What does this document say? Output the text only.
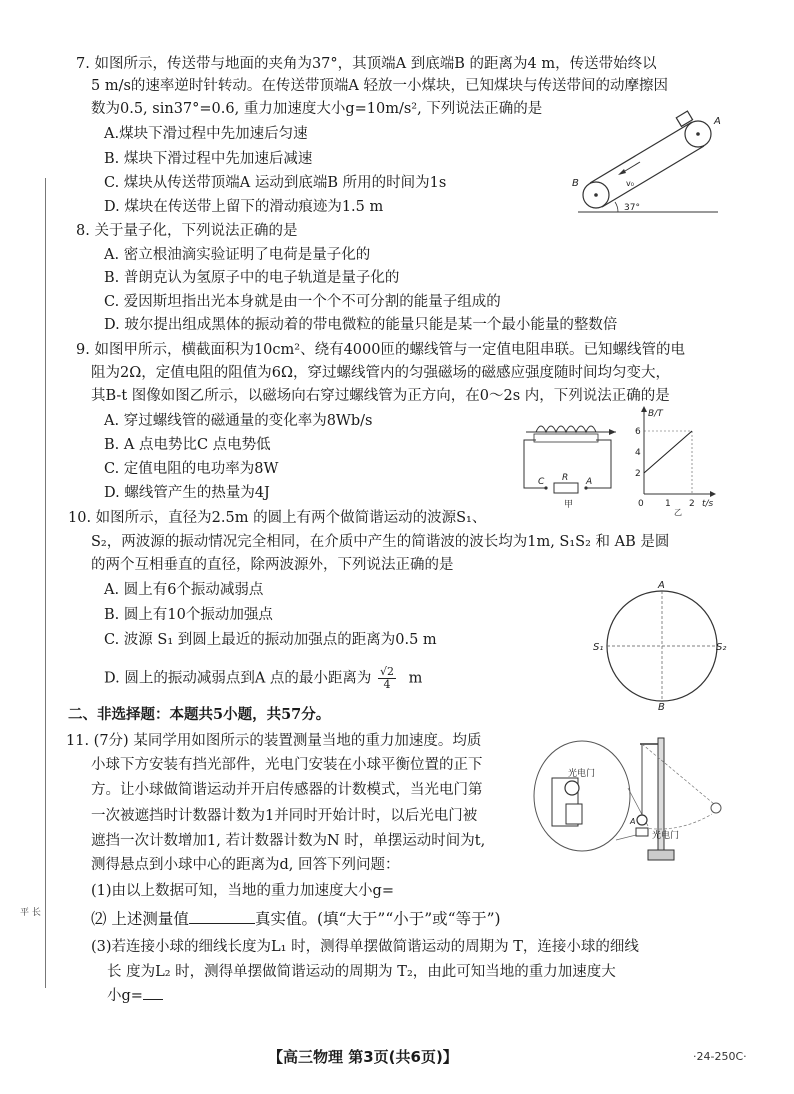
平 长
7. 如图所示，传送带与地面的夹角为37°，其顶端A 到底端B 的距离为4 m，传送带始终以
5 m/s的速率逆时针转动。在传送带顶端A 轻放一小煤块，已知煤块与传送带间的动摩擦因
数为0.5, sin37°=0.6, 重力加速度大小g=10m/s², 下列说法正确的是
A.煤块下滑过程中先加速后匀速
B. 煤块下滑过程中先加速后减速
C. 煤块从传送带顶端A 运动到底端B 所用的时间为1s
D. 煤块在传送带上留下的滑动痕迹为1.5 m
v₀
A
B
37°
8. 关于量子化，下列说法正确的是
A. 密立根油滴实验证明了电荷是量子化的
B. 普朗克认为氢原子中的电子轨道是量子化的
C. 爱因斯坦指出光本身就是由一个个不可分割的能量子组成的
D. 玻尔提出组成黑体的振动着的带电微粒的能量只能是某一个最小能量的整数倍
9. 如图甲所示，横截面积为10cm²、绕有4000匝的螺线管与一定值电阻串联。已知螺线管的电
阻为2Ω，定值电阻的阻值为6Ω，穿过螺线管内的匀强磁场的磁感应强度随时间均匀变大，
其B-t 图像如图乙所示，以磁场向右穿过螺线管为正方向，在0～2s 内，下列说法正确的是
A. 穿过螺线管的磁通量的变化率为8Wb/s
B. A 点电势比C 点电势低
C. 定值电阻的电功率为8W
D. 螺线管产生的热量为4J
C R A
甲
B/T
t/s
6
4
2
0 1 2
乙
10. 如图所示，直径为2.5m 的圆上有两个做简谐运动的波源S₁、
S₂，两波源的振动情况完全相同，在介质中产生的简谐波的波长均为1m, S₁S₂ 和 AB 是圆
的两个互相垂直的直径，除两波源外，下列说法正确的是
A. 圆上有6个振动减弱点
B. 圆上有10个振动加强点
C. 波源 S₁ 到圆上最近的振动加强点的距离为0.5 m
D. 圆上的振动减弱点到A 点的最小距离为 $\frac{√2}{4}$ m
A
B
S₁	S₂
二、非选择题：本题共5小题，共57分。
11. (7分) 某同学用如图所示的装置测量当地的重力加速度。均质
小球下方安装有挡光部件，光电门安装在小球平衡位置的正下
方。让小球做简谐运动并开启传感器的计数模式，当光电门第
一次被遮挡时计数器计数为1并同时开始计时，以后光电门被
遮挡一次计数增加1, 若计数器计数为N 时，单摆运动时间为t,
测得悬点到小球中心的距离为d, 回答下列问题：
(1)由以上数据可知，当地的重力加速度大小g=
⑵ 上述测量值	真实值。(填“大于”“小于”或“等于”)
(3)若连接小球的细线长度为L₁ 时，测得单摆做简谐运动的周期为 T，连接小球的细线
长 度为L₂ 时，测得单摆做简谐运动的周期为 T₂，由此可知当地的重力加速度大
小g=
光电门
A
光电门
【高三物理 第3页(共6页)】	·24-250C·
